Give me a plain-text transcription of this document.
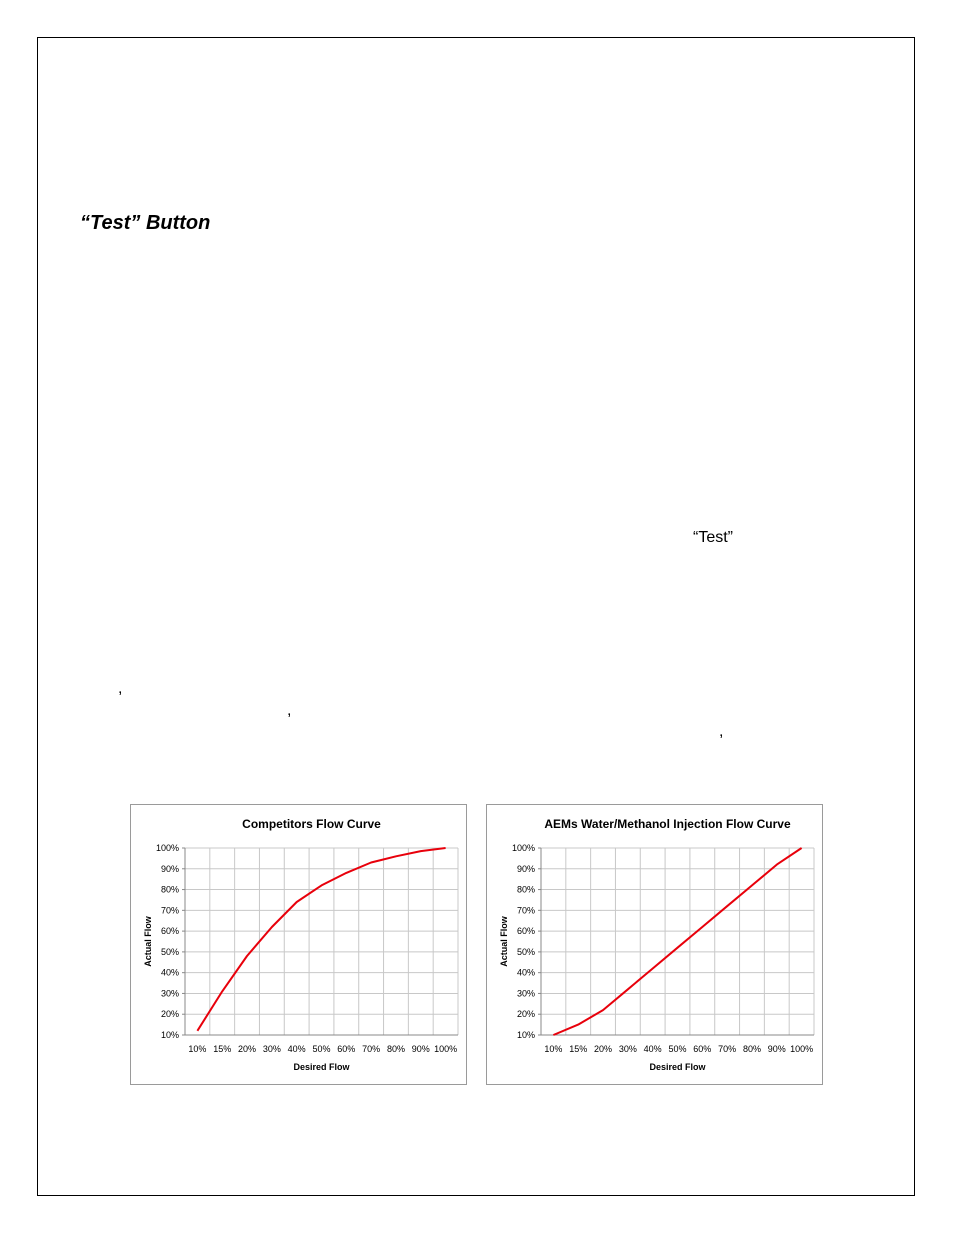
“Test” Button
“Test”
,
,
,
Competitors Flow Curve
10%
20%
30%
40%
50%
60%
70%
80%
90%
100%
10% 15% 20% 30% 40% 50% 60% 70% 80% 90% 100%
Desired Flow
Actual Flow
AEMs Water/Methanol Injection Flow Curve
10%
20%
30%
40%
50%
60%
70%
80%
90%
100%
10% 15% 20% 30% 40% 50% 60% 70% 80% 90% 100%
Desired Flow
Actual Flow
